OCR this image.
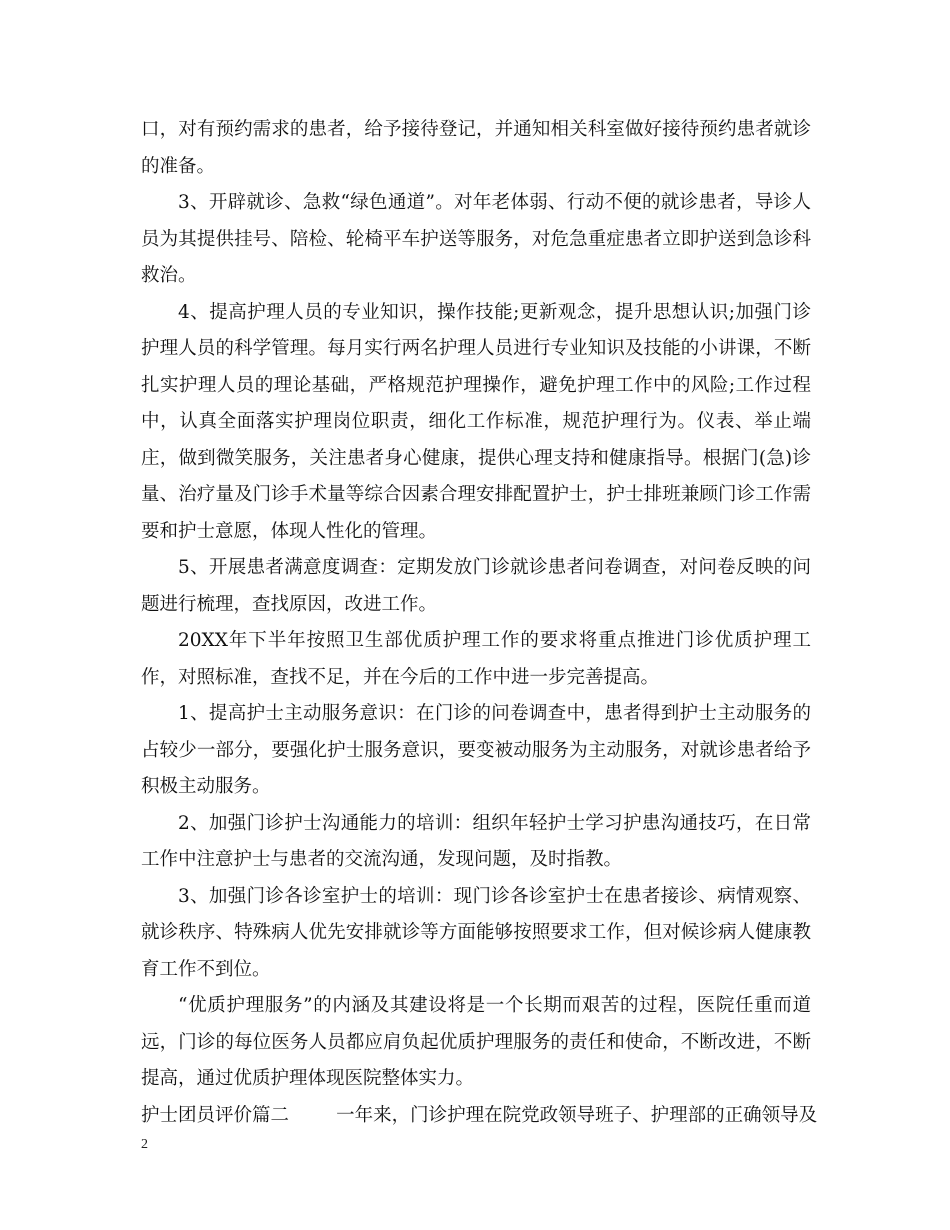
口，对有预约需求的患者，给予接待登记，并通知相关科室做好接待预约患者就诊的准备。

3、开辟就诊、急救“绿色通道”。对年老体弱、行动不便的就诊患者，导诊人员为其提供挂号、陪检、轮椅平车护送等服务，对危急重症患者立即护送到急诊科救治。

4、提高护理人员的专业知识，操作技能;更新观念，提升思想认识;加强门诊护理人员的科学管理。每月实行两名护理人员进行专业知识及技能的小讲课，不断扎实护理人员的理论基础，严格规范护理操作，避免护理工作中的风险;工作过程中，认真全面落实护理岗位职责，细化工作标准，规范护理行为。仪表、举止端庄，做到微笑服务，关注患者身心健康，提供心理支持和健康指导。根据门(急)诊量、治疗量及门诊手术量等综合因素合理安排配置护士，护士排班兼顾门诊工作需要和护士意愿，体现人性化的管理。

5、开展患者满意度调查：定期发放门诊就诊患者问卷调查，对问卷反映的问题进行梳理，查找原因，改进工作。

20XX年下半年按照卫生部优质护理工作的要求将重点推进门诊优质护理工作，对照标准，查找不足，并在今后的工作中进一步完善提高。

1、提高护士主动服务意识：在门诊的问卷调查中，患者得到护士主动服务的占较少一部分，要强化护士服务意识，要变被动服务为主动服务，对就诊患者给予积极主动服务。

2、加强门诊护士沟通能力的培训：组织年轻护士学习护患沟通技巧，在日常工作中注意护士与患者的交流沟通，发现问题，及时指教。

3、加强门诊各诊室护士的培训：现门诊各诊室护士在患者接诊、病情观察、就诊秩序、特殊病人优先安排就诊等方面能够按照要求工作，但对候诊病人健康教育工作不到位。

“优质护理服务”的内涵及其建设将是一个长期而艰苦的过程，医院任重而道远，门诊的每位医务人员都应肩负起优质护理服务的责任和使命，不断改进，不断提高，通过优质护理体现医院整体实力。

护士团员评价篇二	一年来，门诊护理在院党政领导班子、护理部的正确领导及

2
